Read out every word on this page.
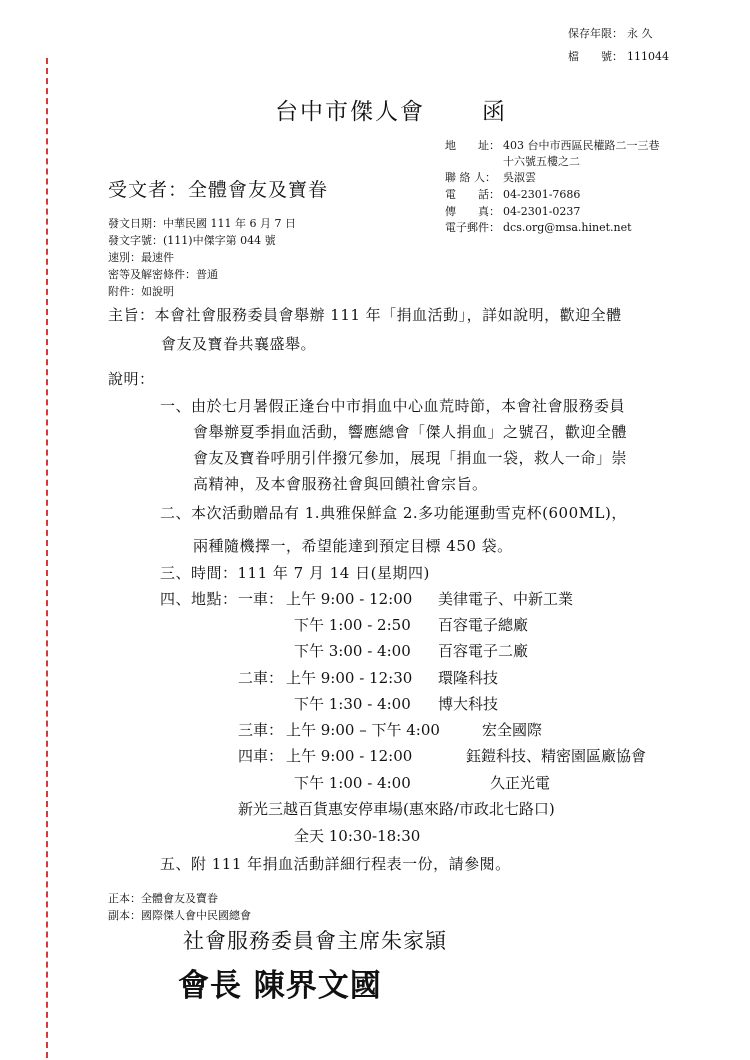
保存年限： 永 久
檔　　號： 111044
台中市傑人會 函
地　　址： 403 台中市西區民權路二一三巷
十六號五樓之二
聯 絡 人： 吳淑雲
電　　話： 04-2301-7686
傳　　真： 04-2301-0237
電子郵件： dcs.org@msa.hinet.net
受文者：全體會友及寶眷
發文日期：中華民國 111 年 6 月 7 日
發文字號：(111)中傑字第 044 號
速別：最速件
密等及解密條件：普通
附件：如說明
主旨：本會社會服務委員會舉辦 111 年「捐血活動」，詳如說明，歡迎全體
會友及寶眷共襄盛舉。
說明：
一、由於七月暑假正逢台中市捐血中心血荒時節，本會社會服務委員
會舉辦夏季捐血活動，響應總會「傑人捐血」之號召，歡迎全體
會友及寶眷呼朋引伴撥冗參加，展現「捐血一袋，救人一命」崇
高精神，及本會服務社會與回饋社會宗旨。
二、本次活動贈品有 1.典雅保鮮盒 2.多功能運動雪克杯(600ML)，
兩種隨機擇一，希望能達到預定目標 450 袋。
三、時間：111 年 7 月 14 日(星期四)
四、地點： 一車： 上午 9:00 - 12:00 美律電子、中新工業
下午 1:00 - 2:50 百容電子總廠
下午 3:00 - 4:00 百容電子二廠
二車： 上午 9:00 - 12:30 環隆科技
下午 1:30 - 4:00 博大科技
三車： 上午 9:00 – 下午 4:00	宏全國際
四車： 上午 9:00 - 12:00	鈺鎧科技、精密園區廠協會
下午 1:00 - 4:00	久正光電
新光三越百貨惠安停車場(惠來路/市政北七路口)
全天 10:30-18:30
五、附 111 年捐血活動詳細行程表一份，請參閱。
正本：全體會友及寶眷
副本：國際傑人會中民國總會
社會服務委員會主席朱家頴
會長 陳界文國
